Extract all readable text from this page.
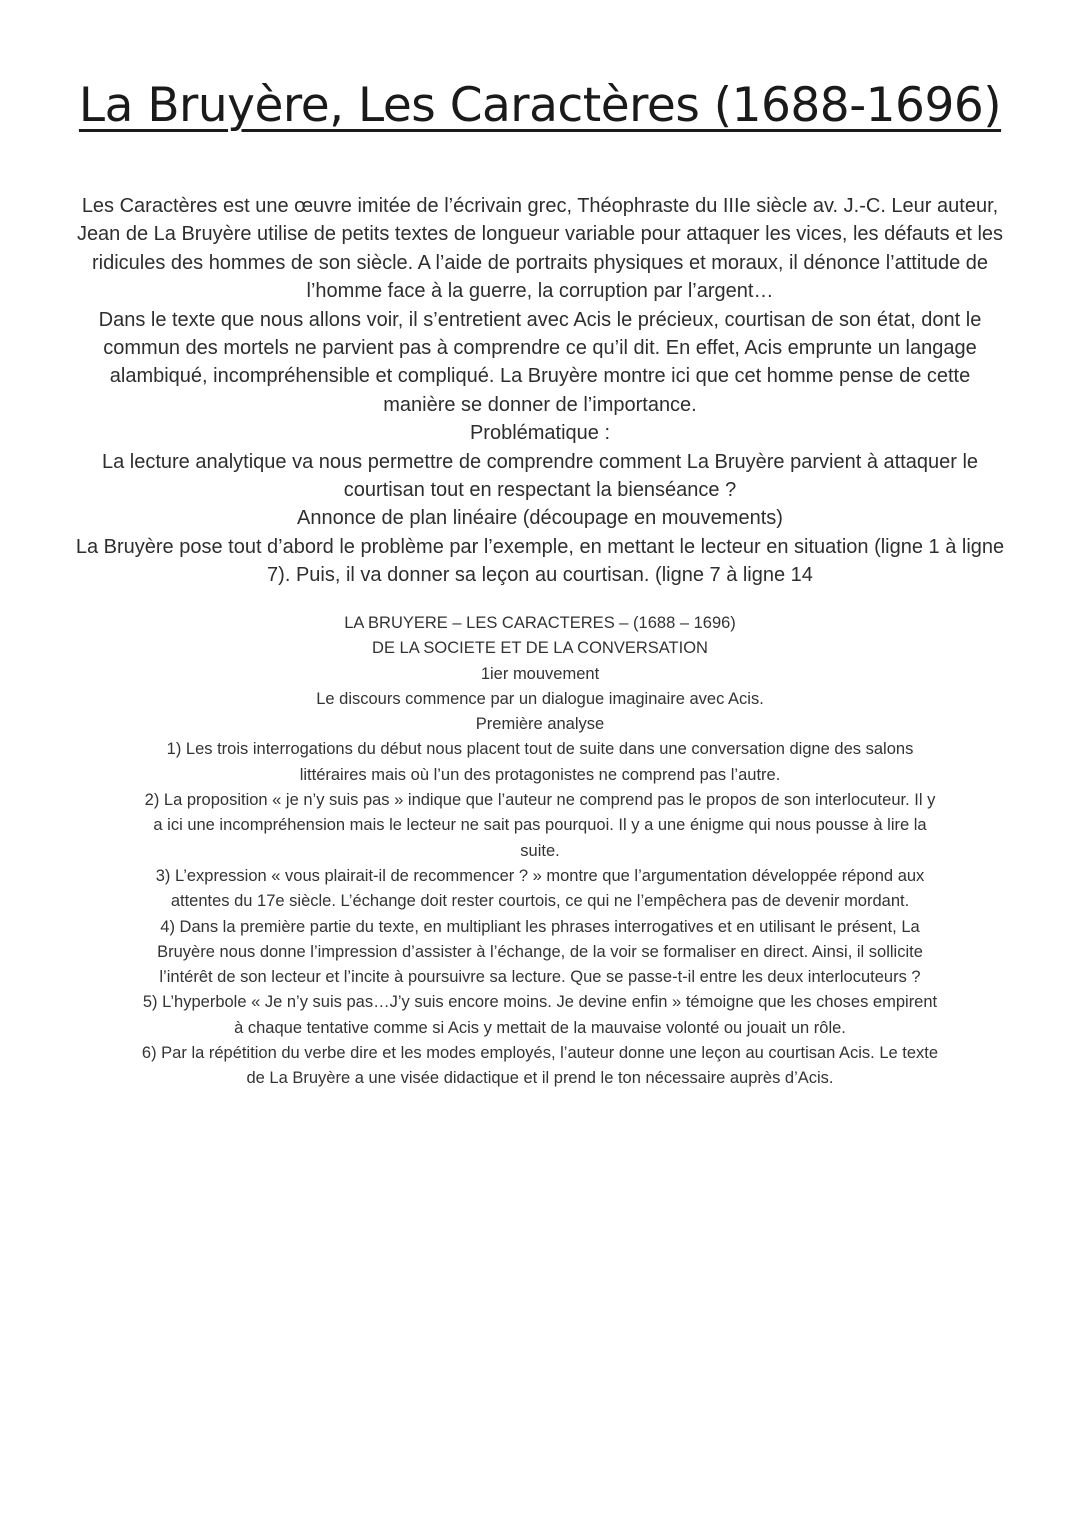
La Bruyère, Les Caractères (1688-1696)

Les Caractères est une œuvre imitée de l’écrivain grec, Théophraste du IIIe siècle av. J.-C. Leur auteur, Jean de La Bruyère utilise de petits textes de longueur variable pour attaquer les vices, les défauts et les ridicules des hommes de son siècle. A l’aide de portraits physiques et moraux, il dénonce l’attitude de l’homme face à la guerre, la corruption par l’argent…

Dans le texte que nous allons voir, il s’entretient avec Acis le précieux, courtisan de son état, dont le commun des mortels ne parvient pas à comprendre ce qu’il dit. En effet, Acis emprunte un langage alambiqué, incompréhensible et compliqué. La Bruyère montre ici que cet homme pense de cette manière se donner de l’importance.

Problématique :

La lecture analytique va nous permettre de comprendre comment La Bruyère parvient à attaquer le courtisan tout en respectant la bienséance ?

Annonce de plan linéaire (découpage en mouvements)

La Bruyère pose tout d’abord le problème par l’exemple, en mettant le lecteur en situation (ligne 1 à ligne 7). Puis, il va donner sa leçon au courtisan. (ligne 7 à ligne 14

LA BRUYERE – LES CARACTERES – (1688 – 1696)

DE LA SOCIETE ET DE LA CONVERSATION

1ier mouvement

Le discours commence par un dialogue imaginaire avec Acis.

Première analyse

1) Les trois interrogations du début nous placent tout de suite dans une conversation digne des salons littéraires mais où l’un des protagonistes ne comprend pas l’autre.

2) La proposition « je n’y suis pas » indique que l’auteur ne comprend pas le propos de son interlocuteur. Il y a ici une incompréhension mais le lecteur ne sait pas pourquoi. Il y a une énigme qui nous pousse à lire la suite.

3) L’expression « vous plairait-il de recommencer ? » montre que l’argumentation développée répond aux attentes du 17e siècle. L’échange doit rester courtois, ce qui ne l’empêchera pas de devenir mordant.

4) Dans la première partie du texte, en multipliant les phrases interrogatives et en utilisant le présent, La Bruyère nous donne l’impression d’assister à l’échange, de la voir se formaliser en direct. Ainsi, il sollicite l’intérêt de son lecteur et l’incite à poursuivre sa lecture. Que se passe-t-il entre les deux interlocuteurs ?

5) L’hyperbole « Je n’y suis pas…J’y suis encore moins. Je devine enfin » témoigne que les choses empirent à chaque tentative comme si Acis y mettait de la mauvaise volonté ou jouait un rôle.

6) Par la répétition du verbe dire et les modes employés, l’auteur donne une leçon au courtisan Acis. Le texte de La Bruyère a une visée didactique et il prend le ton nécessaire auprès d’Acis.
